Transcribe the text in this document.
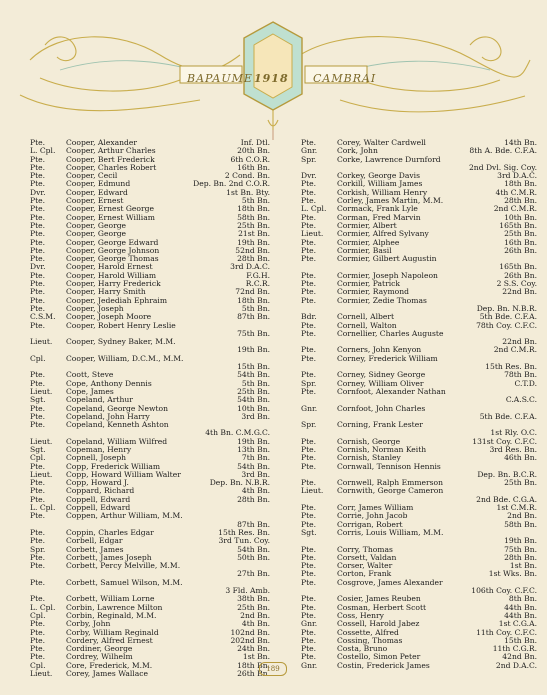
BAPAUME 1918 CAMBRAI
Pte.	Cooper, Alexander	Inf. Dtl.
L. Cpl.	Cooper, Arthur Charles	20th Bn.
Pte.	Cooper, Bert Frederick	6th C.O.R.
Pte.	Cooper, Charles Robert	16th Bn.
Pte.	Cooper, Cecil	2 Cond. Bn.
Pte.	Cooper, Edmund	Dep. Bn. 2nd C.O.R.
Dvr.	Cooper, Edward	1st Bn. Bty.
Pte.	Cooper, Ernest	5th Bn.
Pte.	Cooper, Ernest George	18th Bn.
Pte.	Cooper, Ernest William	58th Bn.
Pte.	Cooper, George	25th Bn.
Pte.	Cooper, George	21st Bn.
Pte.	Cooper, George Edward	19th Bn.
Pte.	Cooper, George Johnson	52nd Bn.
Pte.	Cooper, George Thomas	28th Bn.
Dvr.	Cooper, Harold Ernest	3rd D.A.C.
Pte.	Cooper, Harold William	F.G.H.
Pte.	Cooper, Harry Frederick	R.C.R.
Pte.	Cooper, Harry Smith	72nd Bn.
Pte.	Cooper, Jedediah Ephraim	18th Bn.
Pte.	Cooper, Joseph	5th Bn.
C.S.M.	Cooper, Joseph Moore	87th Bn.
Pte.	Cooper, Robert Henry Leslie
75th Bn.
Lieut.	Cooper, Sydney Baker, M.M.
19th Bn.
Cpl.	Cooper, William, D.C.M., M.M.
15th Bn.
Pte.	Coott, Steve	54th Bn.
Pte.	Cope, Anthony Dennis	5th Bn.
Lieut.	Cope, James	25th Bn.
Sgt.	Copeland, Arthur	54th Bn.
Pte.	Copeland, George Newton	10th Bn.
Pte.	Copeland, John Harry	3rd Bn.
Pte.	Copeland, Kenneth Ashton
4th Bn. C.M.G.C.
Lieut.	Copeland, William Wilfred	19th Bn.
Sgt.	Copeman, Henry	13th Bn.
Cpl.	Copnell, Joseph	7th Bn.
Pte.	Copp, Frederick William	54th Bn.
Lieut.	Copp, Howard William Walter	3rd Bn.
Pte.	Copp, Howard J.	Dep. Bn. N.B.R.
Pte.	Coppard, Richard	4th Bn.
Pte.	Coppell, Edward	28th Bn.
L. Cpl.	Coppell, Edward
Pte.	Coppen, Arthur William, M.M.
87th Bn.
Pte.	Coppin, Charles Edgar	15th Res. Bn.
Pte.	Corbell, Edgar	3rd Tun. Coy.
Spr.	Corbett, James	54th Bn.
Pte.	Corbett, James Joseph	50th Bn.
Pte.	Corbett, Percy Melville, M.M.
27th Bn.
Pte.	Corbett, Samuel Wilson, M.M.
3 Fld. Amb.
Pte.	Corbett, William Lorne	38th Bn.
L. Cpl.	Corbin, Lawrence Milton	25th Bn.
Cpl.	Corbin, Reginald, M.M.	2nd Bn.
Pte.	Corby, John	4th Bn.
Pte.	Corby, William Reginald	102nd Bn.
Pte.	Cordery, Alfred Ernest	202nd Bn.
Pte.	Cordiner, George	24th Bn.
Pte.	Cordrey, Wilhelm	1st Bn.
Cpl.	Core, Frederick, M.M.	18th Bn.
Lieut.	Corey, James Wallace	26th Bn.
Pte.	Corey, Walter Cardwell	14th Bn.
Gnr.	Cork, John	8th A. Bde. C.F.A.
Spr.	Corke, Lawrence Durnford
2nd Dvl. Sig. Coy.
Dvr.	Corkey, George Davis	3rd D.A.C.
Pte.	Corkill, William James	18th Bn.
Pte.	Corkish, William Henry	4th C.M.R.
Pte.	Corley, James Martin, M.M.	28th Bn.
L. Cpl.	Cormack, Frank Lyle	2nd C.M.R.
Pte.	Corman, Fred Marvin	10th Bn.
Pte.	Cormier, Albert	165th Bn.
Lieut.	Cormier, Alfred Sylvany	25th Bn.
Pte.	Cormier, Alphee	16th Bn.
Pte.	Cormier, Basil	26th Bn.
Pte.	Cormier, Gilbert Augustin
165th Bn.
Pte.	Cormier, Joseph Napoleon	26th Bn.
Pte.	Cormier, Patrick	2 S.S. Coy.
Pte.	Cormier, Raymond	22nd Bn.
Pte.	Cormier, Zedie Thomas
Dep. Bn. N.B.R.
Bdr.	Cornell, Albert	5th Bde. C.F.A.
Pte.	Cornell, Walton	78th Coy. C.F.C.
Pte.	Cornellier, Charles Auguste
22nd Bn.
Pte.	Corners, John Kenyon	2nd C.M.R.
Pte.	Corney, Frederick William
15th Res. Bn.
Pte.	Corney, Sidney George	78th Bn.
Spr.	Corney, William Oliver	C.T.D.
Pte.	Cornfoot, Alexander Nathan
C.A.S.C.
Gnr.	Cornfoot, John Charles
5th Bde. C.F.A.
Spr.	Corning, Frank Lester
1st Rly. O.C.
Pte.	Cornish, George	131st Coy. C.F.C.
Pte.	Cornish, Norman Keith	3rd Res. Bn.
Pte.	Cornish, Stanley	46th Bn.
Pte.	Cornwall, Tennison Hennis
Dep. Bn. B.C.R.
Pte.	Cornwell, Ralph Emmerson	25th Bn.
Lieut.	Cornwith, George Cameron
2nd Bde. C.G.A.
Pte.	Corr, James William	1st C.M.R.
Pte.	Corrie, John Jacob	2nd Bn.
Pte.	Corrigan, Robert	58th Bn.
Sgt.	Corris, Louis William, M.M.
19th Bn.
Pte.	Corry, Thomas	75th Bn.
Pte.	Corsett, Valdan	28th Bn.
Pte.	Corser, Walter	1st Bn.
Pte.	Corton, Frank	1st Wks. Bn.
Pte.	Cosgrove, James Alexander
106th Coy. C.F.C.
Pte.	Cosier, James Reuben	8th Bn.
Pte.	Cosman, Herbert Scott	44th Bn.
Pte.	Coss, Henry	44th Bn.
Gnr.	Cossell, Harold Jabez	1st C.G.A.
Pte.	Cossette, Alfred	11th Coy. C.F.C.
Pte.	Cossing, Thomas	15th Bn.
Pte.	Costa, Bruno	11th C.G.R.
Pte.	Costello, Simon Peter	42nd Bn.
Gnr.	Costin, Frederick James	2nd D.A.C.
189
